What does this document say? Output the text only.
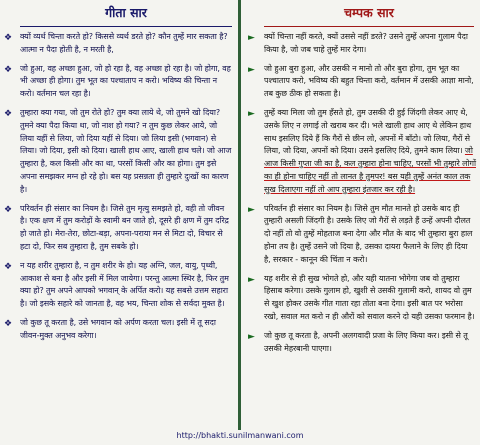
गीता सार
❖ क्यों व्यर्थ चिन्ता करते हो? किससे व्यर्थ डरते हो? कौन तुम्हें मार सकता है? आत्मा न पैदा होती है, न मरती है,
❖ जो हुआ, वह अच्छा हुआ, जो हो रहा है, वह अच्छा हो रहा है। जो होगा, वह भी अच्छा ही होगा। तुम भूत का पश्चाताप न करो। भविष्य की चिन्ता न करो। वर्तमान चल रहा है।
❖ तुम्हारा क्या गया, जो तुम रोते हो? तुम क्या लाये थे, जो तुमने खो दिया? तुमने क्या पैदा किया था, जो नाश हो गया? न तुम कुछ लेकर आये, जो लिया यहीं से लिया, जो दिया यहीं से दिया। जो लिया इसी (भगवान) से लिया। जो दिया, इसी को दिया। खाली हाथ आए, खाली हाथ चले। जो आज तुम्हारा है, कल किसी और का था, परसों किसी और का होगा। तुम इसे अपना समझकर मग्न हो रहे हो। बस यह प्रसन्नता ही तुम्हारे दुःखों का कारण है।
❖ परिवर्तन ही संसार का नियम है। जिसे तुम मृत्यु समझते हो, वही तो जीवन है। एक क्षण में तुम करोड़ों के स्वामी बन जाते हो, दूसरे ही क्षण में तुम दरिद्र हो जाते हो। मेरा-तेरा, छोटा-बड़ा, अपना-पराया मन से मिटा दो, विचार से हटा दो, फिर सब तुम्हारा है, तुम सबके हो।
❖ न यह शरीर तुम्हारा है, न तुम शरीर के हो। यह अग्नि, जल, वायु, पृथ्वी, आकाश से बना है और इसी में मिल जायेगा। परन्तु आत्मा स्थिर है, फिर तुम क्या हो? तुम अपने आपको भगवान् के अर्पित करो। यह सबसे उत्तम सहारा है। जो इसके सहारे को जानता है, वह भय, चिन्ता शोक से सर्वदा मुक्त है।
❖ जो कुछ तू करता है, उसे भगवान को अर्पण करता चल। इसी में तू सदा जीवन-मुक्त अनुभव करेगा।
चम्पक सार
► क्यों चिन्ता नहीं करते, क्यों उससे नहीं डरते? उसने तुम्हें अपना गुलाम पैदा किया है, जो जब चाहे तुम्हें मार देगा।
► जो हुआ बुरा हुआ, और उसकी न मानो तो और बुरा होगा, तुम भूत का पश्चाताप करो, भविष्य की बहुत चिन्ता करो, वर्तमान में उसकी आज्ञा मानो, तब कुछ ठीक हो सकता है।
► तुम्हें क्या मिला जो तुम हँसते हो, तुम उसकी दी हुई जिंदगी लेकर आए थे, उसके लिए न लगाई तो खराब कर दी। भले खाली हाथ आए थे लेकिन हाथ साथ इसलिए दिये हैं कि गैरों से छीन लो, अपनों में बाँटो। जो लिया, गैरों से लिया, जो दिया, अपनों को दिया। उसने इसलिए दिये, तुमने काम लिया। जो आज किसी गुप्ता जी का है, कल तुम्हारा होना चाहिए, परसों भी तुम्हारे लोगों का ही होना चाहिए नहीं तो लानत है तुमपर! बस यही तुम्हें अनंत काल तक सुख दिलाएगा नहीं तो आप तुम्हारा इंतजार कर रही है।
► परिवर्तन ही संसार का नियम है। जिसे तुम मौत मानते हो उसके बाद ही तुम्हारी असली जिंदगी है। उसके लिए जो गैरों से लड़ते हैं उन्हें अपनी दौलत दो नहीं तो वो तुम्हें मोहताज बना देगा और मौत के बाद भी तुम्हारा बुरा हाल होना तय है। तुम्हें उसने जो दिया है, उसका दायरा फैलाने के लिए ही दिया है, सरकार - कानून की चिंता न करो।
► यह शरीर से ही सुख भोगते हो, और यही यातना भोगेगा जब वो तुम्हारा हिसाब करेगा। उसके गुलाम हो, खुशी से उसकी गुलामी करो, शायद वो तुम से खुश होकर उसके गीत गाता रहा तोता बना देगा। इसी बात पर भरोसा रखो, सवाल मत करो न ही औरों को सवाल करने दो यही उसका फरमान है।
► जो कुछ तू करता है, अपनी अलगवादी प्रजा के लिए किया कर। इसी से तू उसकी मेहरबानी पाएगा।
http://bhakti.sunilmanwani.com
